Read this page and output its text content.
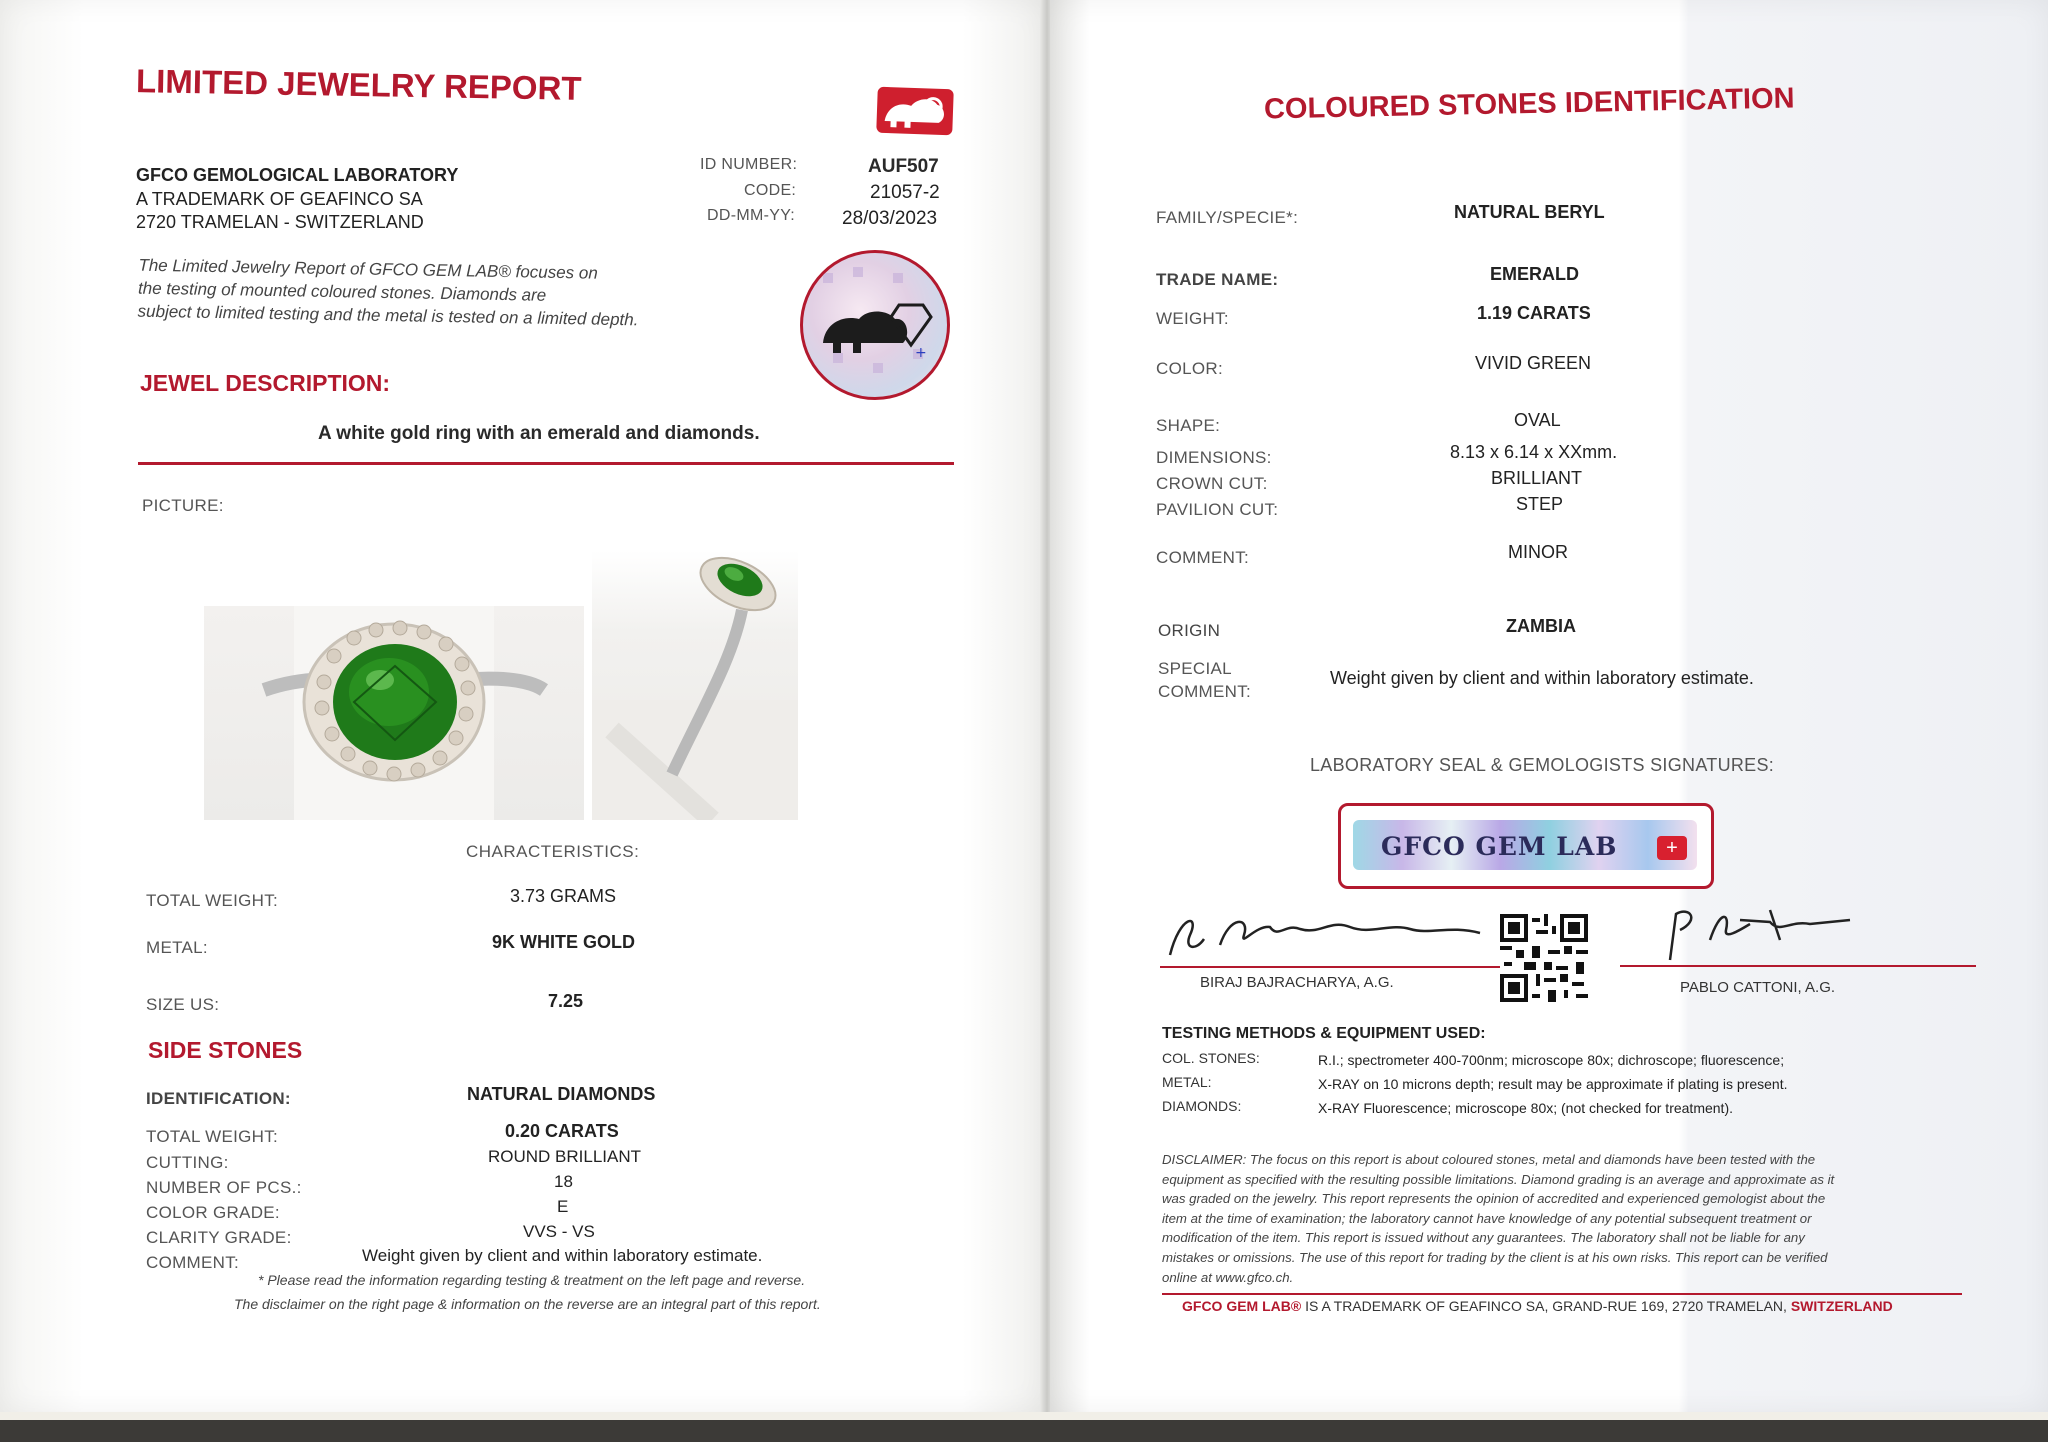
LIMITED JEWELRY REPORT
GFCO GEMOLOGICAL LABORATORY
A TRADEMARK OF GEAFINCO SA
2720 TRAMELAN - SWITZERLAND
ID NUMBER:	AUF507
CODE:	21057-2
DD-MM-YY: 28/03/2023
The Limited Jewelry Report of GFCO GEM LAB® focuses on
the testing of mounted coloured stones. Diamonds are
subject to limited testing and the metal is tested on a limited depth.
+
JEWEL DESCRIPTION:
A white gold ring with an emerald and diamonds.
PICTURE:
CHARACTERISTICS:
TOTAL WEIGHT:	3.73 GRAMS
METAL:	9K WHITE GOLD
SIZE US:	7.25
SIDE STONES
IDENTIFICATION:	NATURAL DIAMONDS
TOTAL WEIGHT:	0.20 CARATS
CUTTING:	ROUND BRILLIANT
NUMBER OF PCS.:	18
COLOR GRADE:	E
CLARITY GRADE:	VVS - VS
COMMENT:	Weight given by client and within laboratory estimate.
* Please read the information regarding testing & treatment on the left page and reverse.
The disclaimer on the right page & information on the reverse are an integral part of this report.
COLOURED STONES IDENTIFICATION
FAMILY/SPECIE*:	NATURAL BERYL
TRADE NAME:	EMERALD
WEIGHT:	1.19 CARATS
COLOR:	VIVID GREEN
SHAPE:	OVAL
DIMENSIONS:	8.13 x 6.14 x XXmm.
CROWN CUT:	BRILLIANT
PAVILION CUT:	STEP
COMMENT:	MINOR
ORIGIN	ZAMBIA
SPECIAL
COMMENT:
Weight given by client and within laboratory estimate.
LABORATORY SEAL & GEMOLOGISTS SIGNATURES:
GFCO GEM LAB	+
BIRAJ BAJRACHARYA, A.G.	PABLO CATTONI, A.G.
TESTING METHODS & EQUIPMENT USED:
COL. STONES:	R.I.; spectrometer 400-700nm; microscope 80x; dichroscope; fluorescence;
METAL:	X-RAY on 10 microns depth; result may be approximate if plating is present.
DIAMONDS:	X-RAY Fluorescence; microscope 80x; (not checked for treatment).
DISCLAIMER: The focus on this report is about coloured stones, metal and diamonds have been tested with the
equipment as specified with the resulting possible limitations. Diamond grading is an average and approximate as it
was graded on the jewelry. This report represents the opinion of accredited and experienced gemologist about the
item at the time of examination; the laboratory cannot have knowledge of any potential subsequent treatment or
modification of the item. This report is issued without any guarantees. The laboratory shall not be liable for any
mistakes or omissions. The use of this report for trading by the client is at his own risks. This report can be verified
online at www.gfco.ch.
GFCO GEM LAB® IS A TRADEMARK OF GEAFINCO SA, GRAND-RUE 169, 2720 TRAMELAN, SWITZERLAND
